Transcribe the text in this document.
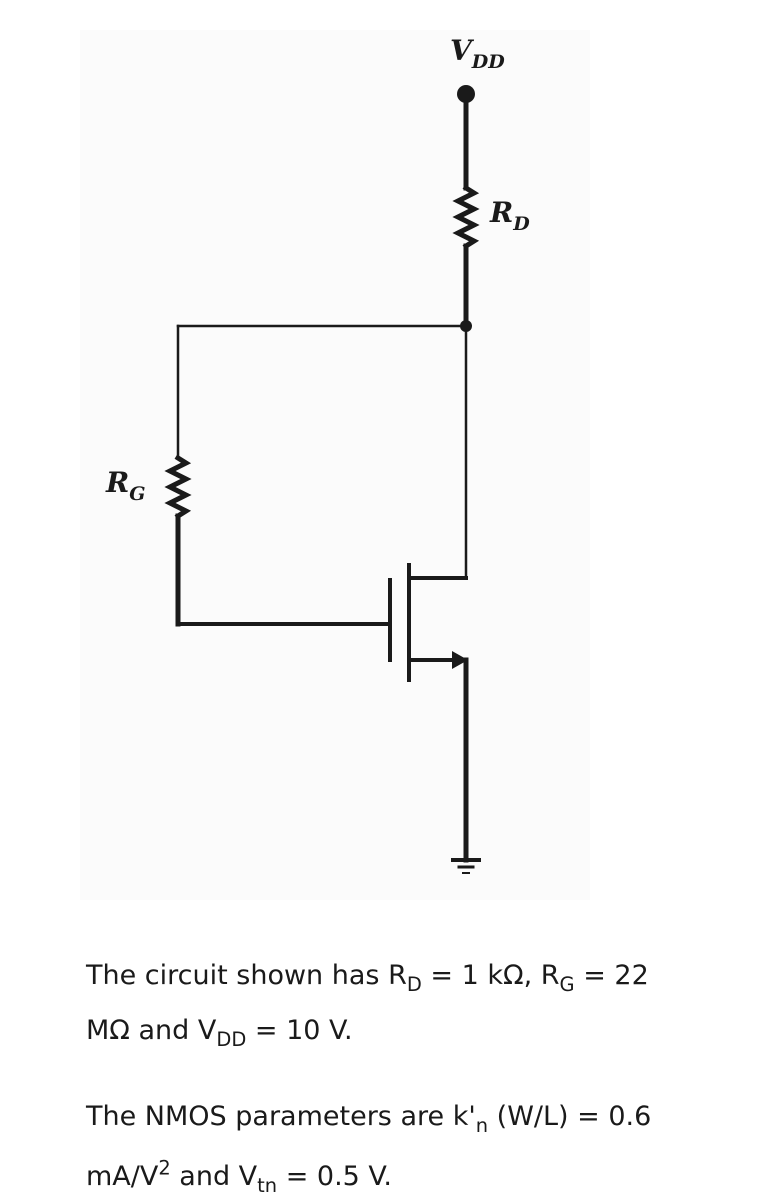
$V_{DD}$
$R_D$
$R_G$

The circuit shown has $R_D = 1$ kΩ, $R_G = 22$

MΩ and $V_{DD} = 10$ V.

The NMOS parameters are $k'_n$ (W/L) = 0.6

$mA/V^2$ and $V_{tn} = 0.5$ V.
